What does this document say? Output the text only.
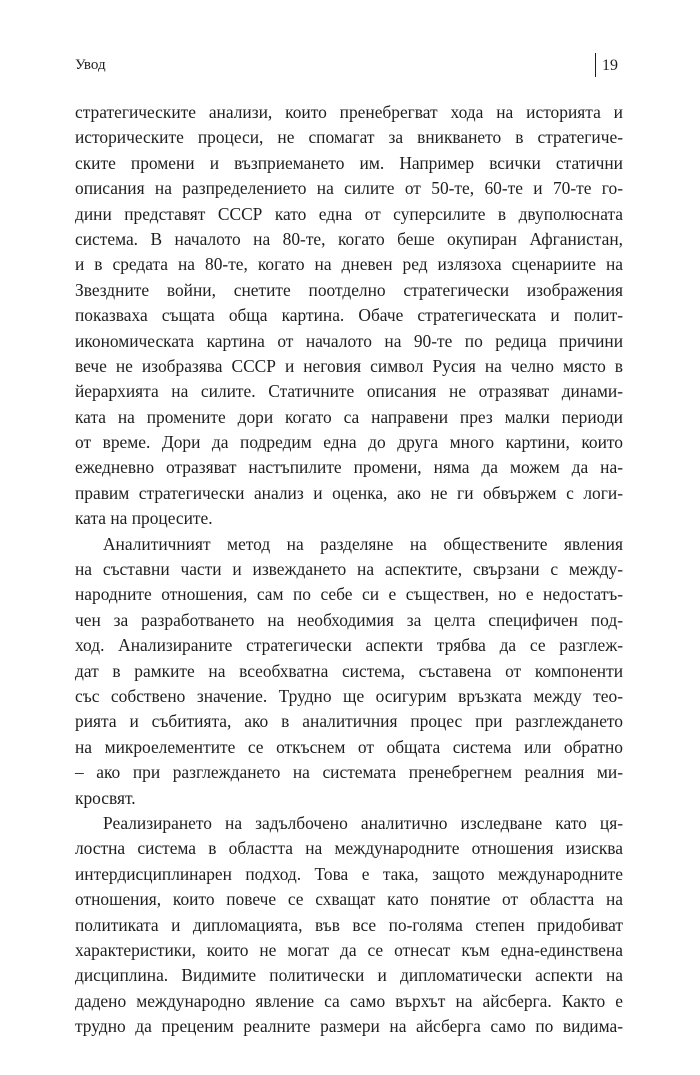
Увод	19
стратегическите анализи, които пренебрегват хода на историята и
историческите процеси, не спомагат за вникването в стратегиче-
ските промени и възприемането им. Например всички статични
описания на разпределението на силите от 50-те, 60-те и 70-те го-
дини представят СССР като една от суперсилите в двуполюсната
система. В началото на 80-те, когато беше окупиран Афганистан,
и в средата на 80-те, когато на дневен ред излязоха сценариите на
Звездните войни, снетите поотделно стратегически изображения
показваха същата обща картина. Обаче стратегическата и полит-
икономическата картина от началото на 90-те по редица причини
вече не изобразява СССР и неговия символ Русия на челно място в
йерархията на силите. Статичните описания не отразяват динами-
ката на промените дори когато са направени през малки периоди
от време. Дори да подредим една до друга много картини, които
ежедневно отразяват настъпилите промени, няма да можем да на-
правим стратегически анализ и оценка, ако не ги обвържем с логи-
ката на процесите.
Аналитичният метод на разделяне на обществените явления
на съставни части и извеждането на аспектите, свързани с между-
народните отношения, сам по себе си е съществен, но е недостатъ-
чен за разработването на необходимия за целта специфичен под-
ход. Анализираните стратегически аспекти трябва да се разглеж-
дат в рамките на всеобхватна система, съставена от компоненти
със собствено значение. Трудно ще осигурим връзката между тео-
рията и събитията, ако в аналитичния процес при разглеждането
на микроелементите се откъснем от общата система или обратно
– ако при разглеждането на системата пренебрегнем реалния ми-
кросвят.
Реализирането на задълбочено аналитично изследване като ця-
лостна система в областта на международните отношения изисква
интердисциплинарен подход. Това е така, защото международните
отношения, които повече се схващат като понятие от областта на
политиката и дипломацията, във все по-голяма степен придобиват
характеристики, които не могат да се отнесат към една-единствена
дисциплина. Видимите политически и дипломатически аспекти на
дадено международно явление са само върхът на айсберга. Както е
трудно да преценим реалните размери на айсберга само по видима-
